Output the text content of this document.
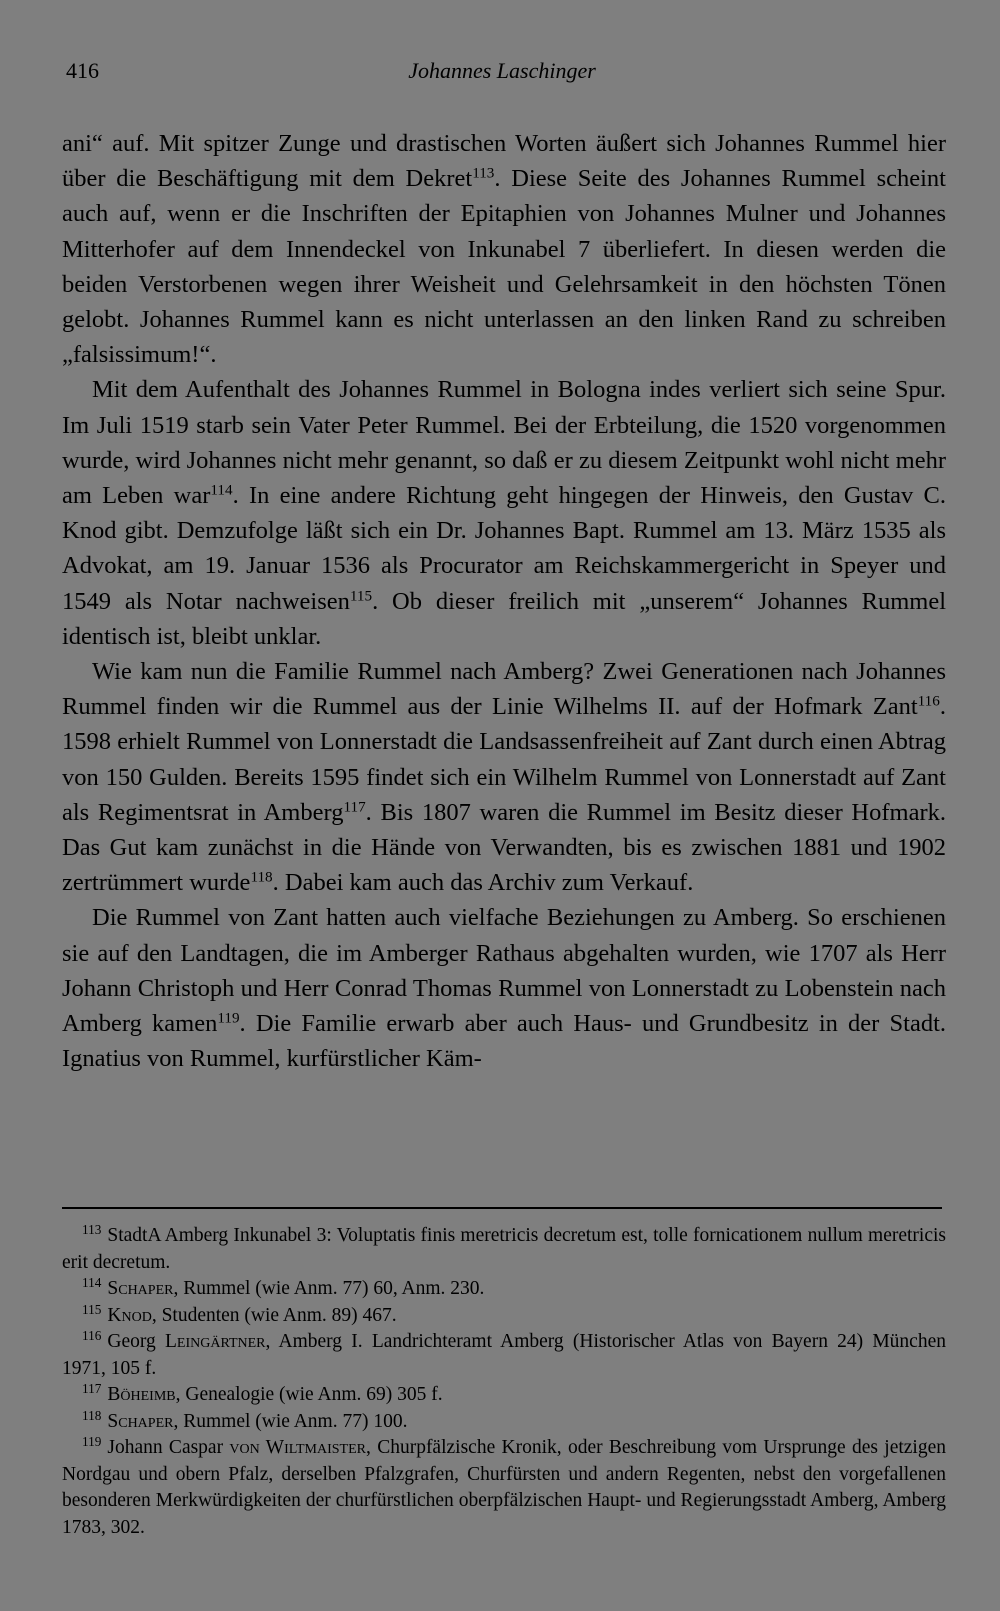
416	Johannes Laschinger

ani“ auf. Mit spitzer Zunge und drastischen Worten äußert sich Johannes Rummel hier über die Beschäftigung mit dem Dekret$^{113}$. Diese Seite des Johannes Rummel scheint auch auf, wenn er die Inschriften der Epitaphien von Johannes Mulner und Johannes Mitterhofer auf dem Innendeckel von Inkunabel 7 überliefert. In diesen werden die beiden Verstorbenen wegen ihrer Weisheit und Gelehrsamkeit in den höchsten Tönen gelobt. Johannes Rummel kann es nicht unterlassen an den linken Rand zu schreiben „falsissimum!“.

Mit dem Aufenthalt des Johannes Rummel in Bologna indes verliert sich seine Spur. Im Juli 1519 starb sein Vater Peter Rummel. Bei der Erbteilung, die 1520 vorgenommen wurde, wird Johannes nicht mehr genannt, so daß er zu diesem Zeitpunkt wohl nicht mehr am Leben war$^{114}$. In eine andere Richtung geht hingegen der Hinweis, den Gustav C. Knod gibt. Demzufolge läßt sich ein Dr. Johannes Bapt. Rummel am 13. März 1535 als Advokat, am 19. Januar 1536 als Procurator am Reichskammergericht in Speyer und 1549 als Notar nachweisen$^{115}$. Ob dieser freilich mit „unserem“ Johannes Rummel identisch ist, bleibt unklar.

Wie kam nun die Familie Rummel nach Amberg? Zwei Generationen nach Johannes Rummel finden wir die Rummel aus der Linie Wilhelms II. auf der Hofmark Zant$^{116}$. 1598 erhielt Rummel von Lonnerstadt die Landsassenfreiheit auf Zant durch einen Abtrag von 150 Gulden. Bereits 1595 findet sich ein Wilhelm Rummel von Lonnerstadt auf Zant als Regimentsrat in Amberg$^{117}$. Bis 1807 waren die Rummel im Besitz dieser Hofmark. Das Gut kam zunächst in die Hände von Verwandten, bis es zwischen 1881 und 1902 zertrümmert wurde$^{118}$. Dabei kam auch das Archiv zum Verkauf.

Die Rummel von Zant hatten auch vielfache Beziehungen zu Amberg. So erschienen sie auf den Landtagen, die im Amberger Rathaus abgehalten wurden, wie 1707 als Herr Johann Christoph und Herr Conrad Thomas Rummel von Lonnerstadt zu Lobenstein nach Amberg kamen$^{119}$. Die Familie erwarb aber auch Haus- und Grundbesitz in der Stadt. Ignatius von Rummel, kurfürstlicher Käm-

$^{113}$ StadtA Amberg Inkunabel 3: Voluptatis finis meretricis decretum est, tolle fornicationem nullum meretricis erit decretum.

$^{114}$ Schaper, Rummel (wie Anm. 77) 60, Anm. 230.

$^{115}$ Knod, Studenten (wie Anm. 89) 467.

$^{116}$ Georg Leingärtner, Amberg I. Landrichteramt Amberg (Historischer Atlas von Bayern 24) München 1971, 105 f.

$^{117}$ Böheimb, Genealogie (wie Anm. 69) 305 f.

$^{118}$ Schaper, Rummel (wie Anm. 77) 100.

$^{119}$ Johann Caspar von Wiltmaister, Churpfälzische Kronik, oder Beschreibung vom Ursprunge des jetzigen Nordgau und obern Pfalz, derselben Pfalzgrafen, Churfürsten und andern Regenten, nebst den vorgefallenen besonderen Merkwürdigkeiten der churfürstlichen oberpfälzischen Haupt- und Regierungsstadt Amberg, Amberg 1783, 302.
